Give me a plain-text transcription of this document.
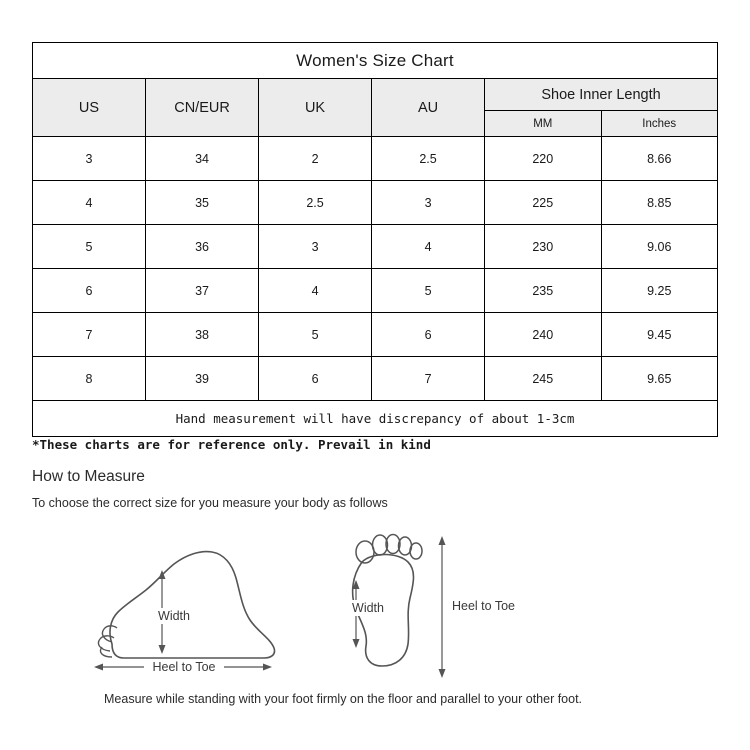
Women's Size Chart					
US	CN/EUR	UK	AU	Shoe Inner Length	
				MM	Inches
3	34	2	2.5	220	8.66
4	35	2.5	3	225	8.85
5	36	3	4	230	9.06
6	37	4	5	235	9.25
7	38	5	6	240	9.45
8	39	6	7	245	9.65
Hand measurement will have discrepancy of about 1-3cm					
*These charts are for reference only. Prevail in kind
How to Measure
To choose the correct size for you measure your body as follows
Width
Heel to Toe
Width	Heel to Toe
Measure while standing with your foot firmly on the floor and parallel to your other foot.
